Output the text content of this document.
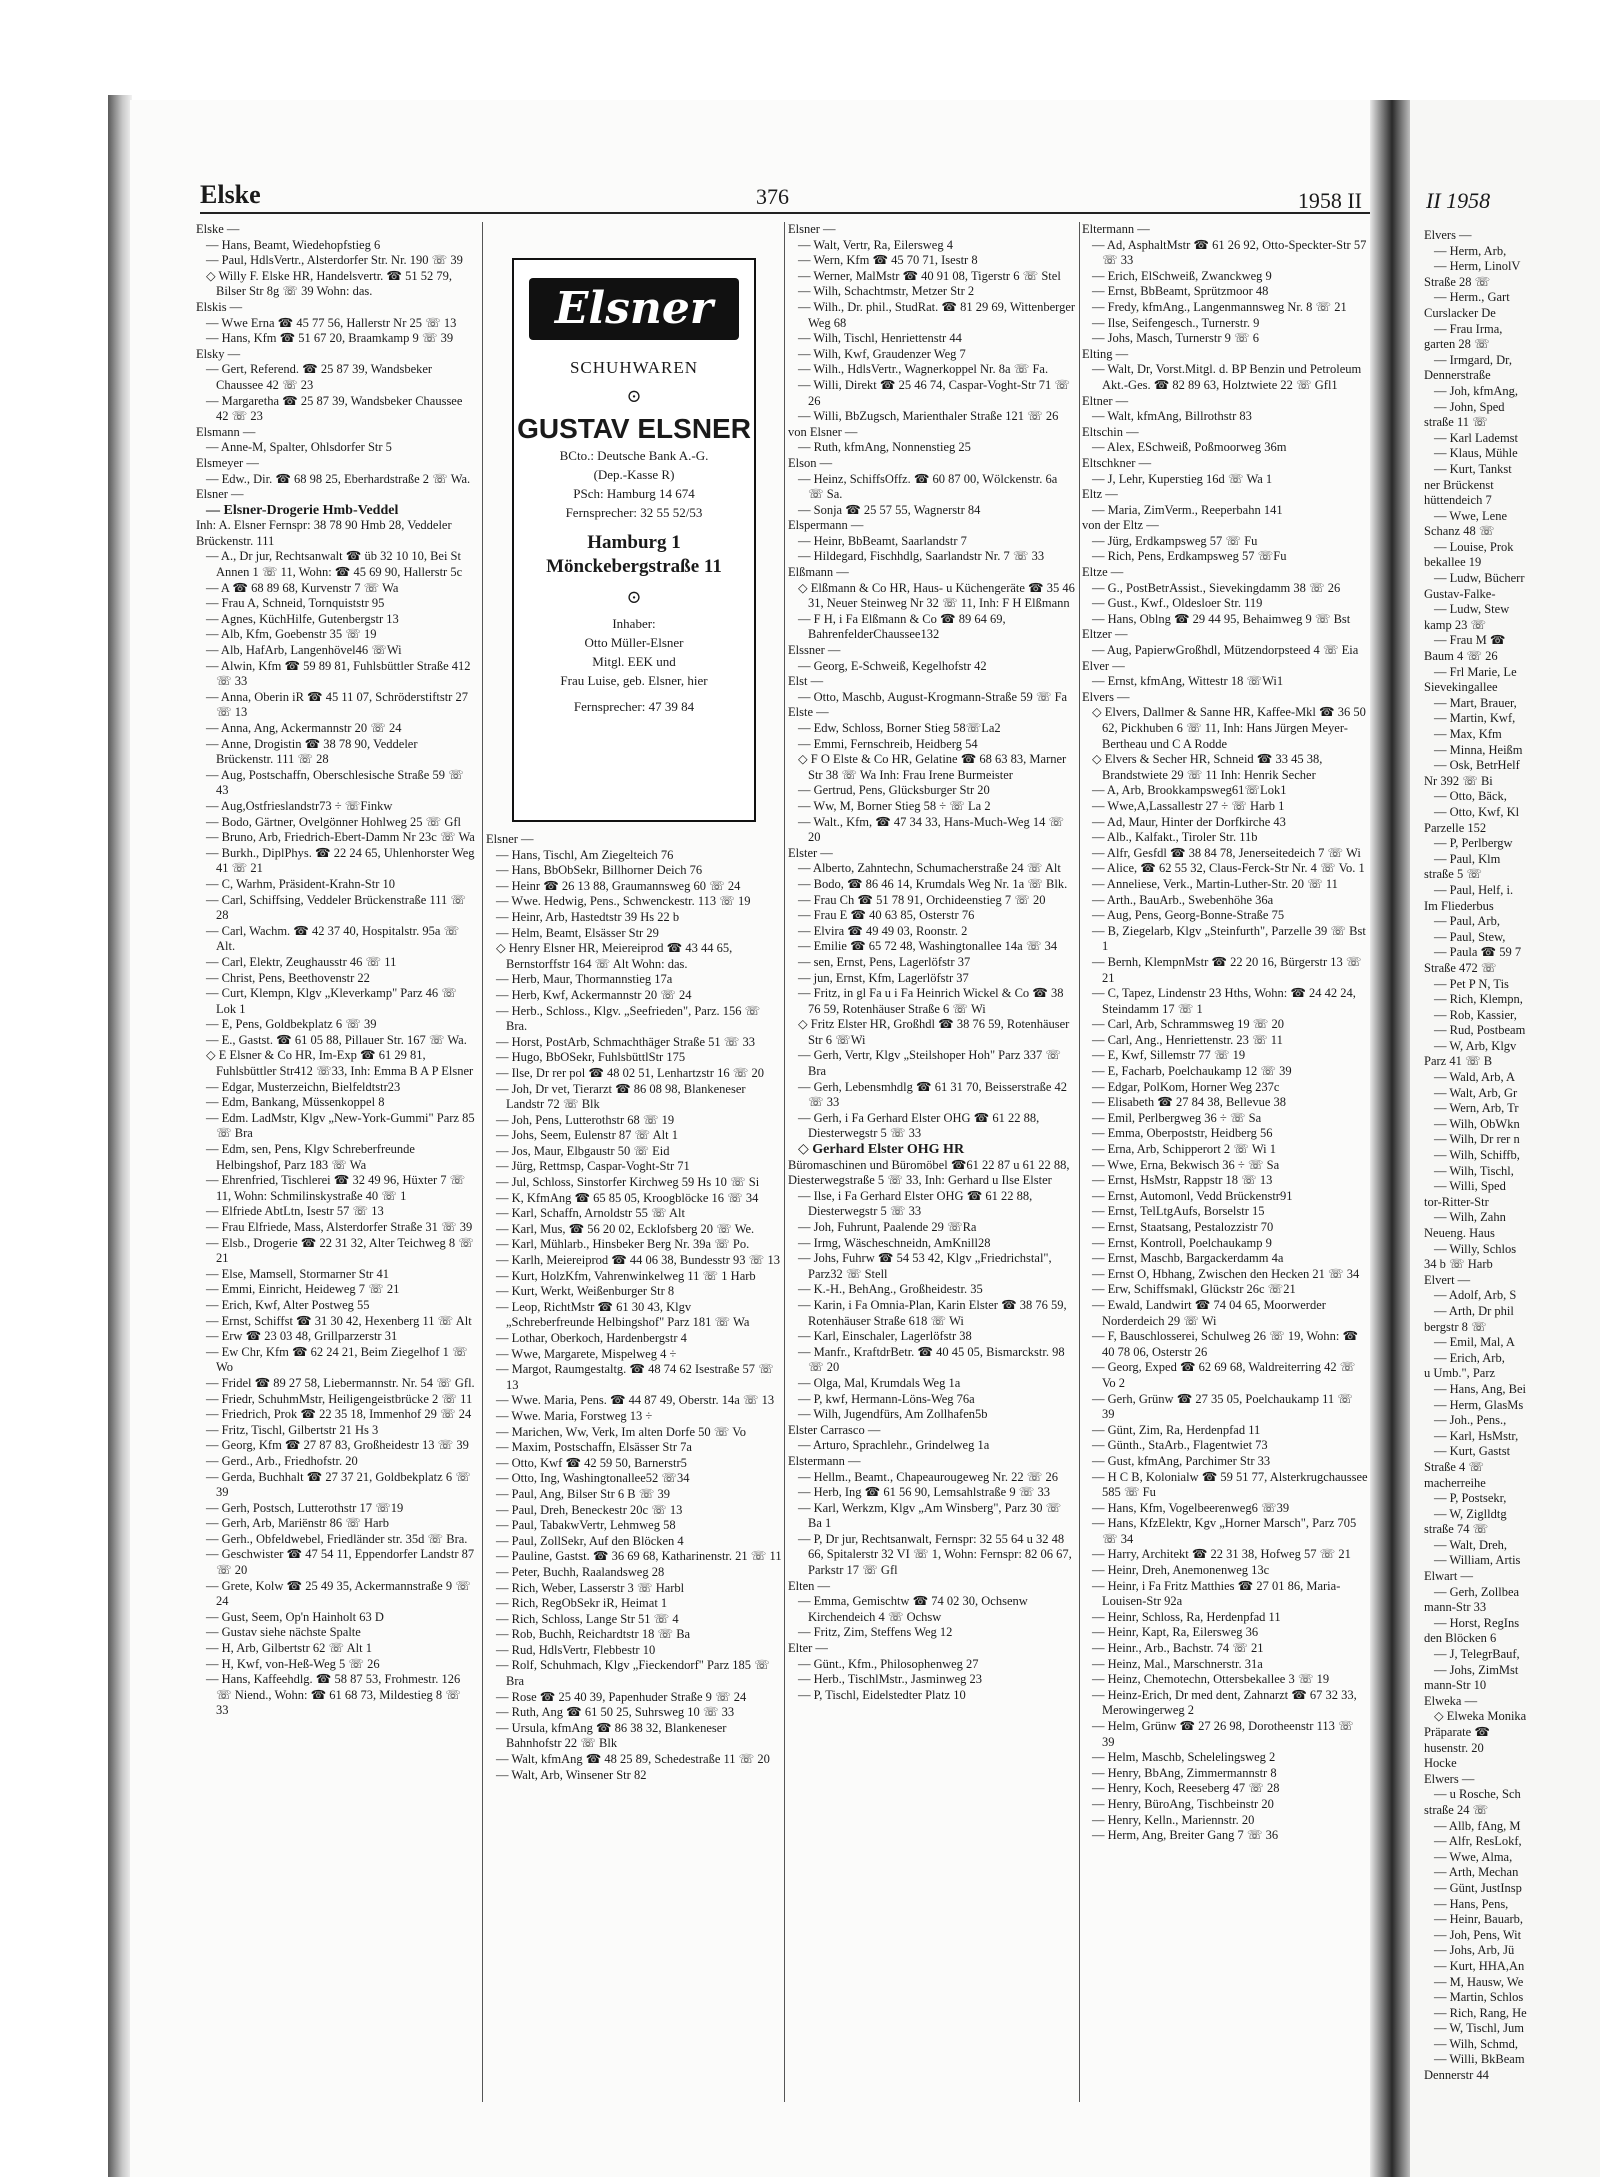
II 1958
Elvers —
— Herm, Arb,
— Herm, LinolV
Straße 28 ☏
— Herm., Gart
Curslacker De
— Frau Irma,
garten 28 ☏
— Irmgard, Dr,
Dennerstraße
— Joh, kfmAng,
— John, Sped
straße 11 ☏
— Karl Lademst
— Klaus, Mühle
— Kurt, Tankst
ner Brückenst
hüttendeich 7
— Wwe, Lene
Schanz 48 ☏
— Louise, Prok
bekallee 19
— Ludw, Bücherr
Gustav-Falke-
— Ludw, Stew
kamp 23 ☏
— Frau M ☎
Baum 4 ☏ 26
— Frl Marie, Le
Sievekingallee
— Mart, Brauer,
— Martin, Kwf,
— Max, Kfm
— Minna, Heißm
— Osk, BetrHelf
Nr 392 ☏ Bi
— Otto, Bäck,
— Otto, Kwf, Kl
Parzelle 152
— P, Perlbergw
— Paul, Klm
straße 5 ☏
— Paul, Helf, i.
Im Fliederbus
— Paul, Arb,
— Paul, Stew,
— Paula ☎ 59 7
Straße 472 ☏
— Pet P N, Tis
— Rich, Klempn,
— Rob, Kassier,
— Rud, Postbeam
— W, Arb, Klgv
Parz 41 ☏ B
— Wald, Arb, A
— Walt, Arb, Gr
— Wern, Arb, Tr
— Wilh, ObWkn
— Wilh, Dr rer n
— Wilh, Schiffb,
— Wilh, Tischl,
— Willi, Sped
tor-Ritter-Str
— Wilh, Zahn
Neueng. Haus
— Willy, Schlos
34 b ☏ Harb
Elvert —
— Adolf, Arb, S
— Arth, Dr phil
bergstr 8 ☏
— Emil, Mal, A
— Erich, Arb,
u Umb.", Parz
— Hans, Ang, Bei
— Herm, GlasMs
— Joh., Pens.,
— Karl, HsMstr,
— Kurt, Gastst
Straße 4 ☏
macherreihe
— P, Postsekr,
— W, Ziglldtg
straße 74 ☏
— Walt, Dreh,
— William, Artis
Elwart —
— Gerh, Zollbea
mann-Str 33
— Horst, RegIns
den Blöcken 6
— J, TelegrBauf,
— Johs, ZimMst
mann-Str 10
Elweka —
◇ Elweka Monika
Präparate ☎
husenstr. 20
Hocke
Elwers —
— u Rosche, Sch
straße 24 ☏
— Allb, fAng, M
— Alfr, ResLokf,
— Wwe, Alma,
— Arth, Mechan
— Günt, JustInsp
— Hans, Pens,
— Heinr, Bauarb,
— Joh, Pens, Wit
— Johs, Arb, Jü
— Kurt, HHA,An
— M, Hausw, We
— Martin, Schlos
— Rich, Rang, He
— W, Tischl, Jum
— Wilh, Schmd,
— Willi, BkBeam
Dennerstr 44
Elske	376	1958 II
Elske —
— Hans, Beamt, Wiedehopfstieg 6
— Paul, HdlsVertr., Alsterdorfer Str. Nr. 190 ☏ 39
◇ Willy F. Elske HR, Handelsvertr. ☎ 51 52 79, Bilser Str 8g ☏ 39 Wohn: das.
Elskis —
— Wwe Erna ☎ 45 77 56, Hallerstr Nr 25 ☏ 13
— Hans, Kfm ☎ 51 67 20, Braamkamp 9 ☏ 39
Elsky —
— Gert, Referend. ☎ 25 87 39, Wandsbeker Chaussee 42 ☏ 23
— Margaretha ☎ 25 87 39, Wandsbeker Chaussee 42 ☏ 23
Elsmann —
— Anne-M, Spalter, Ohlsdorfer Str 5
Elsmeyer —
— Edw., Dir. ☎ 68 98 25, Eberhardstraße 2 ☏ Wa.
Elsner —
— Elsner-Drogerie Hmb-Veddel
Inh: A. Elsner Fernspr: 38 78 90 Hmb 28, Veddeler Brückenstr. 111
— A., Dr jur, Rechtsanwalt ☎ üb 32 10 10, Bei St Annen 1 ☏ 11, Wohn: ☎ 45 69 90, Hallerstr 5c
— A ☎ 68 89 68, Kurvenstr 7 ☏ Wa
— Frau A, Schneid, Tornquiststr 95
— Agnes, KüchHilfe, Gutenbergstr 13
— Alb, Kfm, Goebenstr 35 ☏ 19
— Alb, HafArb, Langenhövel46 ☏Wi
— Alwin, Kfm ☎ 59 89 81, Fuhlsbüttler Straße 412 ☏ 33
— Anna, Oberin iR ☎ 45 11 07, Schröderstiftstr 27 ☏ 13
— Anna, Ang, Ackermannstr 20 ☏ 24
— Anne, Drogistin ☎ 38 78 90, Veddeler Brückenstr. 111 ☏ 28
— Aug, Postschaffn, Oberschlesische Straße 59 ☏ 43
— Aug,Ostfrieslandstr73 ÷ ☏Finkw
— Bodo, Gärtner, Ovelgönner Hohlweg 25 ☏ Gfl
— Bruno, Arb, Friedrich-Ebert-Damm Nr 23c ☏ Wa
— Burkh., DiplPhys. ☎ 22 24 65, Uhlenhorster Weg 41 ☏ 21
— C, Warhm, Präsident-Krahn-Str 10
— Carl, Schiffsing, Veddeler Brückenstraße 111 ☏ 28
— Carl, Wachm. ☎ 42 37 40, Hospitalstr. 95a ☏ Alt.
— Carl, Elektr, Zeughausstr 46 ☏ 11
— Christ, Pens, Beethovenstr 22
— Curt, Klempn, Klgv „Kleverkamp" Parz 46 ☏ Lok 1
— E, Pens, Goldbekplatz 6 ☏ 39
— E., Gastst. ☎ 61 05 88, Pillauer Str. 167 ☏ Wa.
◇ E Elsner & Co HR, Im-Exp ☎ 61 29 81, Fuhlsbüttler Str412 ☏33, Inh: Emma B A P Elsner
— Edgar, Musterzeichn, Bielfeldtstr23
— Edm, Bankang, Müssenkoppel 8
— Edm. LadMstr, Klgv „New-York-Gummi" Parz 85 ☏ Bra
— Edm, sen, Pens, Klgv Schreberfreunde Helbingshof, Parz 183 ☏ Wa
— Ehrenfried, Tischlerei ☎ 32 49 96, Hüxter 7 ☏ 11, Wohn: Schmilinskystraße 40 ☏ 1
— Elfriede AbtLtn, Isestr 57 ☏ 13
— Frau Elfriede, Mass, Alsterdorfer Straße 31 ☏ 39
— Elsb., Drogerie ☎ 22 31 32, Alter Teichweg 8 ☏ 21
— Else, Mamsell, Stormarner Str 41
— Emmi, Einricht, Heideweg 7 ☏ 21
— Erich, Kwf, Alter Postweg 55
— Ernst, Schiffst ☎ 31 30 42, Hexenberg 11 ☏ Alt
— Erw ☎ 23 03 48, Grillparzerstr 31
— Ew Chr, Kfm ☎ 62 24 21, Beim Ziegelhof 1 ☏ Wo
— Fridel ☎ 89 27 58, Liebermannstr. Nr. 54 ☏ Gfl.
— Friedr, SchuhmMstr, Heiligengeistbrücke 2 ☏ 11
— Friedrich, Prok ☎ 22 35 18, Immenhof 29 ☏ 24
— Fritz, Tischl, Gilbertstr 21 Hs 3
— Georg, Kfm ☎ 27 87 83, Großheidestr 13 ☏ 39
— Gerd., Arb., Friedhofstr. 20
— Gerda, Buchhalt ☎ 27 37 21, Goldbekplatz 6 ☏ 39
— Gerh, Postsch, Lutterothstr 17 ☏19
— Gerh, Arb, Mariënstr 86 ☏ Harb
— Gerh., Obfeldwebel, Friedländer str. 35d ☏ Bra.
— Geschwister ☎ 47 54 11, Eppendorfer Landstr 87 ☏ 20
— Grete, Kolw ☎ 25 49 35, Ackermannstraße 9 ☏ 24
— Gust, Seem, Op'n Hainholt 63 D
— Gustav siehe nächste Spalte
— H, Arb, Gilbertstr 62 ☏ Alt 1
— H, Kwf, von-Heß-Weg 5 ☏ 26
— Hans, Kaffeehdlg. ☎ 58 87 53, Frohmestr. 126 ☏ Niend., Wohn: ☎ 61 68 73, Mildestieg 8 ☏ 33
Elsner —
— Hans, Tischl, Am Ziegelteich 76
— Hans, BbObSekr, Billhorner Deich 76
— Heinr ☎ 26 13 88, Graumannsweg 60 ☏ 24
— Wwe. Hedwig, Pens., Schwenckestr. 113 ☏ 19
— Heinr, Arb, Hastedtstr 39 Hs 22 b
— Helm, Beamt, Elsässer Str 29
◇ Henry Elsner HR, Meiereiprod ☎ 43 44 65, Bernstorffstr 164 ☏ Alt Wohn: das.
— Herb, Maur, Thormannstieg 17a
— Herb, Kwf, Ackermannstr 20 ☏ 24
— Herb., Schloss., Klgv. „Seefrieden", Parz. 156 ☏ Bra.
— Horst, PostArb, Schmachthäger Straße 51 ☏ 33
— Hugo, BbOSekr, FuhlsbüttlStr 175
— Ilse, Dr rer pol ☎ 48 02 51, Lenhartzstr 16 ☏ 20
— Joh, Dr vet, Tierarzt ☎ 86 08 98, Blankeneser Landstr 72 ☏ Blk
— Joh, Pens, Lutterothstr 68 ☏ 19
— Johs, Seem, Eulenstr 87 ☏ Alt 1
— Jos, Maur, Elbgaustr 50 ☏ Eid
— Jürg, Rettmsp, Caspar-Voght-Str 71
— Jul, Schloss, Sinstorfer Kirchweg 59 Hs 10 ☏ Si
— K, KfmAng ☎ 65 85 05, Kroogblöcke 16 ☏ 34
— Karl, Schaffn, Arnoldstr 55 ☏ Alt
— Karl, Mus, ☎ 56 20 02, Ecklofsberg 20 ☏ We.
— Karl, Mühlarb., Hinsbeker Berg Nr. 39a ☏ Po.
— Karlh, Meiereiprod ☎ 44 06 38, Bundesstr 93 ☏ 13
— Kurt, HolzKfm, Vahrenwinkelweg 11 ☏ 1 Harb
— Kurt, Werkt, Weißenburger Str 8
— Leop, RichtMstr ☎ 61 30 43, Klgv „Schreberfreunde Helbingshof" Parz 181 ☏ Wa
— Lothar, Oberkoch, Hardenbergstr 4
— Wwe, Margarete, Mispelweg 4 ÷
— Margot, Raumgestaltg. ☎ 48 74 62 Isestraße 57 ☏ 13
— Wwe. Maria, Pens. ☎ 44 87 49, Oberstr. 14a ☏ 13
— Wwe. Maria, Forstweg 13 ÷
— Marichen, Ww, Verk, Im alten Dorfe 50 ☏ Vo
— Maxim, Postschaffn, Elsässer Str 7a
— Otto, Kwf ☎ 42 59 50, Barnerstr5
— Otto, Ing, Washingtonallee52 ☏34
— Paul, Ang, Bilser Str 6 B ☏ 39
— Paul, Dreh, Beneckestr 20c ☏ 13
— Paul, TabakwVertr, Lehmweg 58
— Paul, ZollSekr, Auf den Blöcken 4
— Pauline, Gastst. ☎ 36 69 68, Katharinenstr. 21 ☏ 11
— Peter, Buchh, Raalandsweg 28
— Rich, Weber, Lasserstr 3 ☏ Harbl
— Rich, RegObSekr iR, Heimat 1
— Rich, Schloss, Lange Str 51 ☏ 4
— Rob, Buchh, Reichardtstr 18 ☏ Ba
— Rud, HdlsVertr, Flebbestr 10
— Rolf, Schuhmach, Klgv „Fieckendorf" Parz 185 ☏ Bra
— Rose ☎ 25 40 39, Papenhuder Straße 9 ☏ 24
— Ruth, Ang ☎ 61 50 25, Suhrsweg 10 ☏ 33
— Ursula, kfmAng ☎ 86 38 32, Blankeneser Bahnhofstr 22 ☏ Blk
— Walt, kfmAng ☎ 48 25 89, Schedestraße 11 ☏ 20
— Walt, Arb, Winsener Str 82
Elsner
SCHUHWAREN
⊙
GUSTAV ELSNER
BCto.: Deutsche Bank A.-G.
(Dep.-Kasse R)
PSch: Hamburg 14 674
Fernsprecher: 32 55 52/53
Hamburg 1
Mönckebergstraße 11
⊙
Inhaber:
Otto Müller-Elsner
Mitgl. EEK und
Frau Luise, geb. Elsner, hier
Fernsprecher: 47 39 84
Elsner —
— Walt, Vertr, Ra, Eilersweg 4
— Wern, Kfm ☎ 45 70 71, Isestr 8
— Werner, MalMstr ☎ 40 91 08, Tigerstr 6 ☏ Stel
— Wilh, Schachtmstr, Metzer Str 2
— Wilh., Dr. phil., StudRat. ☎ 81 29 69, Wittenberger Weg 68
— Wilh, Tischl, Henriettenstr 44
— Wilh, Kwf, Graudenzer Weg 7
— Wilh., HdlsVertr., Wagnerkoppel Nr. 8a ☏ Fa.
— Willi, Direkt ☎ 25 46 74, Caspar-Voght-Str 71 ☏ 26
— Willi, BbZugsch, Marienthaler Straße 121 ☏ 26
von Elsner —
— Ruth, kfmAng, Nonnenstieg 25
Elson —
— Heinz, SchiffsOffz. ☎ 60 87 00, Wölckenstr. 6a ☏ Sa.
— Sonja ☎ 25 57 55, Wagnerstr 84
Elspermann —
— Heinr, BbBeamt, Saarlandstr 7
— Hildegard, Fischhdlg, Saarlandstr Nr. 7 ☏ 33
Elßmann —
◇ Elßmann & Co HR, Haus- u Küchengeräte ☎ 35 46 31, Neuer Steinweg Nr 32 ☏ 11, Inh: F H Elßmann
— F H, i Fa Elßmann & Co ☎ 89 64 69, BahrenfelderChaussee132
Elssner —
— Georg, E-Schweiß, Kegelhofstr 42
Elst —
— Otto, Maschb, August-Krogmann-Straße 59 ☏ Fa
Elste —
— Edw, Schloss, Borner Stieg 58☏La2
— Emmi, Fernschreib, Heidberg 54
◇ F O Elste & Co HR, Gelatine ☎ 68 63 83, Marner Str 38 ☏ Wa Inh: Frau Irene Burmeister
— Gertrud, Pens, Glücksburger Str 20
— Ww, M, Borner Stieg 58 ÷ ☏ La 2
— Walt., Kfm, ☎ 47 34 33, Hans-Much-Weg 14 ☏ 20
Elster —
— Alberto, Zahntechn, Schumacherstraße 24 ☏ Alt
— Bodo, ☎ 86 46 14, Krumdals Weg Nr. 1a ☏ Blk.
— Frau Ch ☎ 51 78 91, Orchideenstieg 7 ☏ 20
— Frau E ☎ 40 63 85, Osterstr 76
— Elvira ☎ 49 49 03, Roonstr. 2
— Emilie ☎ 65 72 48, Washingtonallee 14a ☏ 34
— sen, Ernst, Pens, Lagerlöfstr 37
— jun, Ernst, Kfm, Lagerlöfstr 37
— Fritz, in gl Fa u i Fa Heinrich Wickel & Co ☎ 38 76 59, Rotenhäuser Straße 6 ☏ Wi
◇ Fritz Elster HR, Großhdl ☎ 38 76 59, Rotenhäuser Str 6 ☏Wi
— Gerh, Vertr, Klgv „Steilshoper Hoh" Parz 337 ☏ Bra
— Gerh, Lebensmhdlg ☎ 61 31 70, Beisserstraße 42 ☏ 33
— Gerh, i Fa Gerhard Elster OHG ☎ 61 22 88, Diesterwegstr 5 ☏ 33
◇ Gerhard Elster OHG HR
Büromaschinen und Büromöbel ☎61 22 87 u 61 22 88, Diesterwegstraße 5 ☏ 33, Inh: Gerhard u Ilse Elster
— Ilse, i Fa Gerhard Elster OHG ☎ 61 22 88, Diesterwegstr 5 ☏ 33
— Joh, Fuhrunt, Paalende 29 ☏Ra
— Irmg, Wäscheschneidn, AmKnill28
— Johs, Fuhrw ☎ 54 53 42, Klgv „Friedrichstal", Parz32 ☏ Stell
— K.-H., BehAng., Großheidestr. 35
— Karin, i Fa Omnia-Plan, Karin Elster ☎ 38 76 59, Rotenhäuser Straße 618 ☏ Wi
— Karl, Einschaler, Lagerlöfstr 38
— Manfr., KraftdrBetr. ☎ 40 45 05, Bismarckstr. 98 ☏ 20
— Olga, Mal, Krumdals Weg 1a
— P, kwf, Hermann-Löns-Weg 76a
— Wilh, Jugendfürs, Am Zollhafen5b
Elster Carrasco —
— Arturo, Sprachlehr., Grindelweg 1a
Elstermann —
— Hellm., Beamt., Chapeaurougeweg Nr. 22 ☏ 26
— Herb, Ing ☎ 61 56 90, Lemsahlstraße 9 ☏ 33
— Karl, Werkzm, Klgv „Am Winsberg", Parz 30 ☏ Ba 1
— P, Dr jur, Rechtsanwalt, Fernspr: 32 55 64 u 32 48 66, Spitalerstr 32 VI ☏ 1, Wohn: Fernspr: 82 06 67, Parkstr 17 ☏ Gfl
Elten —
— Emma, Gemischtw ☎ 74 02 30, Ochsenw Kirchendeich 4 ☏ Ochsw
— Fritz, Zim, Steffens Weg 12
Elter —
— Günt., Kfm., Philosophenweg 27
— Herb., TischlMstr., Jasminweg 23
— P, Tischl, Eidelstedter Platz 10
Eltermann —
— Ad, AsphaltMstr ☎ 61 26 92, Otto-Speckter-Str 57 ☏ 33
— Erich, ElSchweiß, Zwanckweg 9
— Ernst, BbBeamt, Sprützmoor 48
— Fredy, kfmAng., Langenmannsweg Nr. 8 ☏ 21
— Ilse, Seifengesch., Turnerstr. 9
— Johs, Masch, Turnerstr 9 ☏ 6
Elting —
— Walt, Dr, Vorst.Mitgl. d. BP Benzin und Petroleum Akt.-Ges. ☎ 82 89 63, Holztwiete 22 ☏ Gfl1
Eltner —
— Walt, kfmAng, Billrothstr 83
Eltschin —
— Alex, ESchweiß, Poßmoorweg 36m
Eltschkner —
— J, Lehr, Kuperstieg 16d ☏ Wa 1
Eltz —
— Maria, ZimVerm., Reeperbahn 141
von der Eltz —
— Jürg, Erdkampsweg 57 ☏ Fu
— Rich, Pens, Erdkampsweg 57 ☏Fu
Eltze —
— G., PostBetrAssist., Sievekingdamm 38 ☏ 26
— Gust., Kwf., Oldesloer Str. 119
— Hans, Oblng ☎ 29 44 95, Behaimweg 9 ☏ Bst
Eltzer —
— Aug, PapierwGroßhdl, Mützendorpsteed 4 ☏ Eia
Elver —
— Ernst, kfmAng, Wittestr 18 ☏Wi1
Elvers —
◇ Elvers, Dallmer & Sanne HR, Kaffee-Mkl ☎ 36 50 62, Pickhuben 6 ☏ 11, Inh: Hans Jürgen Meyer-Bertheau und C A Rodde
◇ Elvers & Secher HR, Schneid ☎ 33 45 38, Brandstwiete 29 ☏ 11 Inh: Henrik Secher
— A, Arb, Brookkampsweg61☏Lok1
— Wwe,A,Lassallestr 27 ÷ ☏ Harb 1
— Ad, Maur, Hinter der Dorfkirche 43
— Alb., Kalfakt., Tiroler Str. 11b
— Alfr, Gesfdl ☎ 38 84 78, Jenerseitedeich 7 ☏ Wi
— Alice, ☎ 62 55 32, Claus-Ferck-Str Nr. 4 ☏ Vo. 1
— Anneliese, Verk., Martin-Luther-Str. 20 ☏ 11
— Arth., BauArb., Swebenhöhe 36a
— Aug, Pens, Georg-Bonne-Straße 75
— B, Ziegelarb, Klgv „Steinfurth", Parzelle 39 ☏ Bst 1
— Bernh, KlempnMstr ☎ 22 20 16, Bürgerstr 13 ☏ 21
— C, Tapez, Lindenstr 23 Hths, Wohn: ☎ 24 42 24, Steindamm 17 ☏ 1
— Carl, Arb, Schrammsweg 19 ☏ 20
— Carl, Ang., Henriettenstr. 23 ☏ 11
— E, Kwf, Sillemstr 77 ☏ 19
— E, Facharb, Poelchaukamp 12 ☏ 39
— Edgar, PolKom, Horner Weg 237c
— Elisabeth ☎ 27 84 38, Bellevue 38
— Emil, Perlbergweg 36 ÷ ☏ Sa
— Emma, Oberpoststr, Heidberg 56
— Erna, Arb, Schipperort 2 ☏ Wi 1
— Wwe, Erna, Bekwisch 36 ÷ ☏ Sa
— Ernst, HsMstr, Rappstr 18 ☏ 13
— Ernst, Automonl, Vedd Brückenstr91
— Ernst, TelLtgAufs, Borselstr 15
— Ernst, Staatsang, Pestalozzistr 70
— Ernst, Kontroll, Poelchaukamp 9
— Ernst, Maschb, Bargackerdamm 4a
— Ernst O, Hbhang, Zwischen den Hecken 21 ☏ 34
— Erw, Schiffsmakl, Glückstr 26c ☏21
— Ewald, Landwirt ☎ 74 04 65, Moorwerder Norderdeich 29 ☏ Wi
— F, Bauschlosserei, Schulweg 26 ☏ 19, Wohn: ☎ 40 78 06, Osterstr 26
— Georg, Exped ☎ 62 69 68, Waldreiterring 42 ☏ Vo 2
— Gerh, Grünw ☎ 27 35 05, Poelchaukamp 11 ☏ 39
— Günt, Zim, Ra, Herdenpfad 11
— Günth., StaArb., Flagentwiet 73
— Gust, kfmAng, Parchimer Str 33
— H C B, Kolonialw ☎ 59 51 77, Alsterkrugchaussee 585 ☏ Fu
— Hans, Kfm, Vogelbeerenweg6 ☏39
— Hans, KfzElektr, Kgv „Horner Marsch", Parz 705 ☏ 34
— Harry, Architekt ☎ 22 31 38, Hofweg 57 ☏ 21
— Heinr, Dreh, Anemonenweg 13c
— Heinr, i Fa Fritz Matthies ☎ 27 01 86, Maria-Louisen-Str 92a
— Heinr, Schloss, Ra, Herdenpfad 11
— Heinr, Kapt, Ra, Eilersweg 36
— Heinr., Arb., Bachstr. 74 ☏ 21
— Heinz, Mal., Marschnerstr. 31a
— Heinz, Chemotechn, Ottersbekallee 3 ☏ 19
— Heinz-Erich, Dr med dent, Zahnarzt ☎ 67 32 33, Merowingerweg 2
— Helm, Grünw ☎ 27 26 98, Dorotheenstr 113 ☏ 39
— Helm, Maschb, Schelelingsweg 2
— Henry, BbAng, Zimmermannstr 8
— Henry, Koch, Reeseberg 47 ☏ 28
— Henry, BüroAng, Tischbeinstr 20
— Henry, Kelln., Mariennstr. 20
— Herm, Ang, Breiter Gang 7 ☏ 36
